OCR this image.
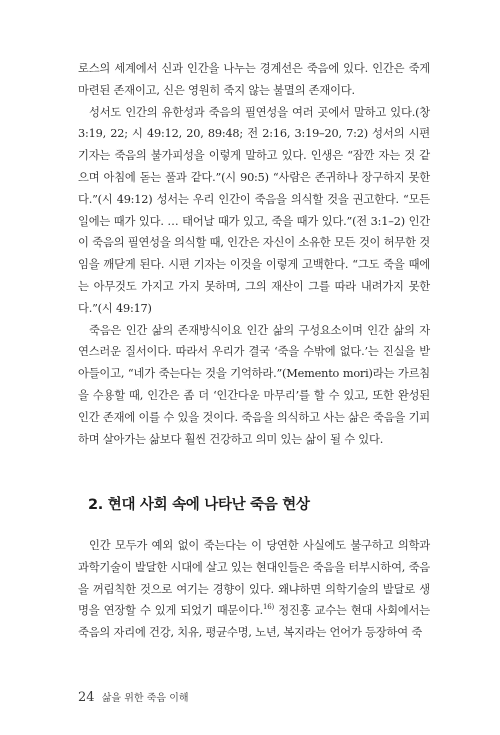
로스의 세계에서 신과 인간을 나누는 경계선은 죽음에 있다. 인간은 죽게 마련된 존재이고, 신은 영원히 죽지 않는 불멸의 존재이다.

성서도 인간의 유한성과 죽음의 필연성을 여러 곳에서 말하고 있다.(창 3:19, 22; 시 49:12, 20, 89:48; 전 2:16, 3:19–20, 7:2) 성서의 시편 기자는 죽음의 불가피성을 이렇게 말하고 있다. 인생은 “잠깐 자는 것 같으며 아침에 돋는 풀과 같다.”(시 90:5) “사람은 존귀하나 장구하지 못한다.”(시 49:12) 성서는 우리 인간이 죽음을 의식할 것을 권고한다. “모든 일에는 때가 있다. … 태어날 때가 있고, 죽을 때가 있다.”(전 3:1–2) 인간이 죽음의 필연성을 의식할 때, 인간은 자신이 소유한 모든 것이 허무한 것임을 깨닫게 된다. 시편 기자는 이것을 이렇게 고백한다. “그도 죽을 때에는 아무것도 가지고 가지 못하며, 그의 재산이 그를 따라 내려가지 못한다.”(시 49:17)

죽음은 인간 삶의 존재방식이요 인간 삶의 구성요소이며 인간 삶의 자연스러운 질서이다. 따라서 우리가 결국 ‘죽을 수밖에 없다.’는 진실을 받아들이고, “네가 죽는다는 것을 기억하라.”(Memento mori)라는 가르침을 수용할 때, 인간은 좀 더 ‘인간다운 마무리’를 할 수 있고, 또한 완성된 인간 존재에 이를 수 있을 것이다. 죽음을 의식하고 사는 삶은 죽음을 기피하며 살아가는 삶보다 훨씬 건강하고 의미 있는 삶이 될 수 있다.

2. 현대 사회 속에 나타난 죽음 현상

인간 모두가 예외 없이 죽는다는 이 당연한 사실에도 불구하고 의학과 과학기술이 발달한 시대에 살고 있는 현대인들은 죽음을 터부시하여, 죽음을 꺼림칙한 것으로 여기는 경향이 있다. 왜냐하면 의학기술의 발달로 생명을 연장할 수 있게 되었기 때문이다.$^{16)}$ 정진홍 교수는 현대 사회에서는 죽음의 자리에 건강, 치유, 평균수명, 노년, 복지라는 언어가 등장하여 죽

24 삶을 위한 죽음 이해
